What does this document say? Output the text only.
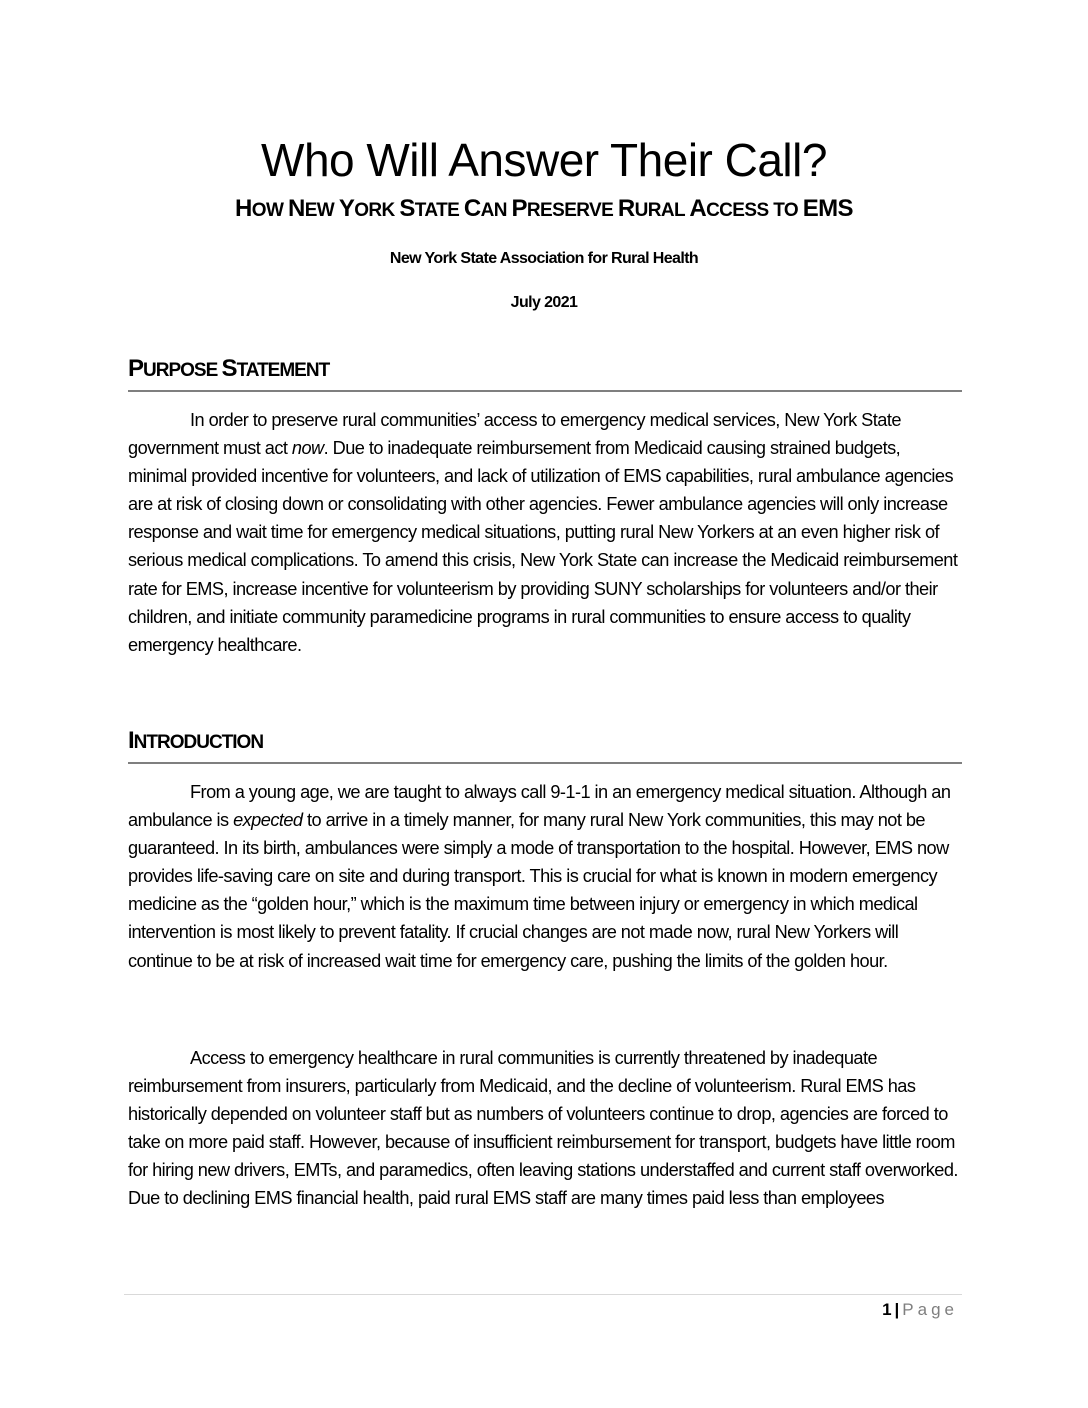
Who Will Answer Their Call?
HOW NEW YORK STATE CAN PRESERVE RURAL ACCESS TO EMS
New York State Association for Rural Health
July 2021
PURPOSE STATEMENT

In order to preserve rural communities’ access to emergency medical services, New York State government must act now. Due to inadequate reimbursement from Medicaid causing strained budgets, minimal provided incentive for volunteers, and lack of utilization of EMS capabilities, rural ambulance agencies are at risk of closing down or consolidating with other agencies. Fewer ambulance agencies will only increase response and wait time for emergency medical situations, putting rural New Yorkers at an even higher risk of serious medical complications. To amend this crisis, New York State can increase the Medicaid reimbursement rate for EMS, increase incentive for volunteerism by providing SUNY scholarships for volunteers and/or their children, and initiate community paramedicine programs in rural communities to ensure access to quality emergency healthcare.

INTRODUCTION

From a young age, we are taught to always call 9-1-1 in an emergency medical situation. Although an ambulance is expected to arrive in a timely manner, for many rural New York communities, this may not be guaranteed. In its birth, ambulances were simply a mode of transportation to the hospital. However, EMS now provides life-saving care on site and during transport. This is crucial for what is known in modern emergency medicine as the “golden hour,” which is the maximum time between injury or emergency in which medical intervention is most likely to prevent fatality. If crucial changes are not made now, rural New Yorkers will continue to be at risk of increased wait time for emergency care, pushing the limits of the golden hour.

Access to emergency healthcare in rural communities is currently threatened by inadequate reimbursement from insurers, particularly from Medicaid, and the decline of volunteerism. Rural EMS has historically depended on volunteer staff but as numbers of volunteers continue to drop, agencies are forced to take on more paid staff. However, because of insufficient reimbursement for transport, budgets have little room for hiring new drivers, EMTs, and paramedics, often leaving stations understaffed and current staff overworked. Due to declining EMS financial health, paid rural EMS staff are many times paid less than employees

1 | Page
